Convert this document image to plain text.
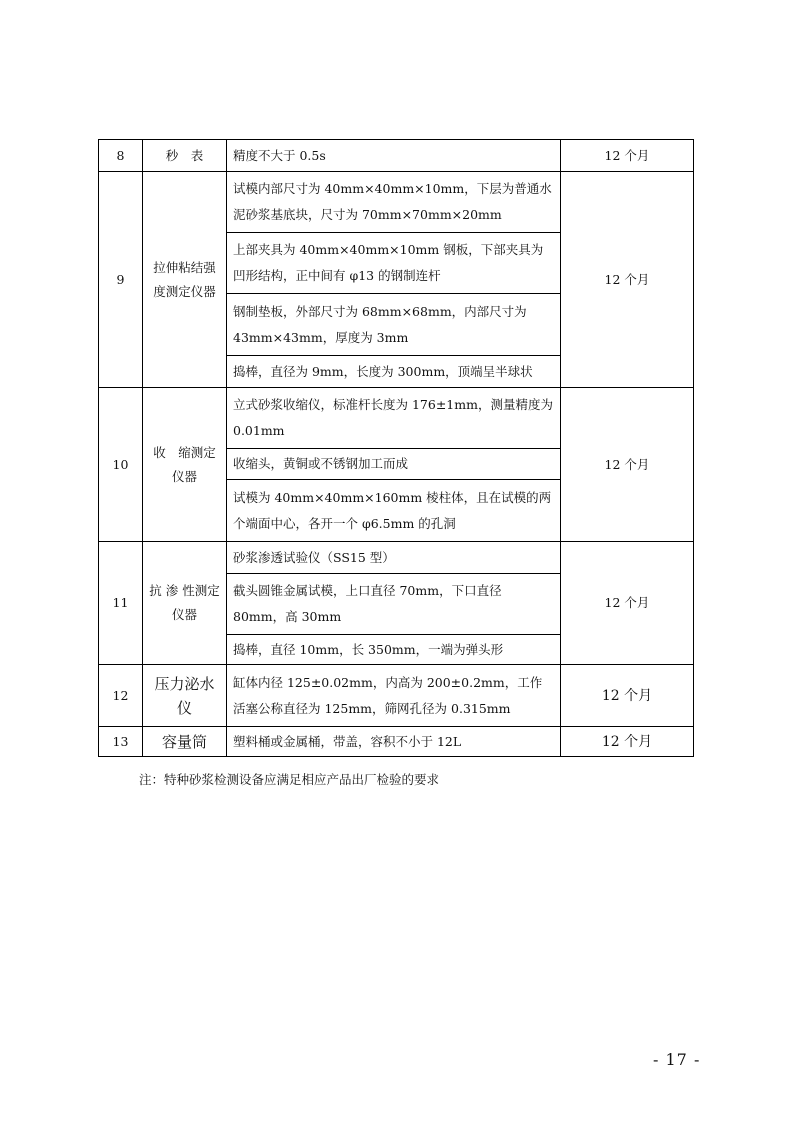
8	秒　表	精度不大于 0.5s	12 个月
9	拉伸粘结强度测定仪器	试模内部尺寸为 40mm×40mm×10mm，下层为普通水泥砂浆基底块，尺寸为 70mm×70mm×20mm	12 个月
		上部夹具为 40mm×40mm×10mm 钢板，下部夹具为凹形结构，正中间有 φ13 的钢制连杆	
		钢制垫板，外部尺寸为 68mm×68mm，内部尺寸为 43mm×43mm，厚度为 3mm	
		捣棒，直径为 9mm，长度为 300mm，顶端呈半球状	
10	收　缩测定仪器	立式砂浆收缩仪，标准杆长度为 176±1mm，测量精度为 0.01mm	12 个月
		收缩头，黄铜或不锈钢加工而成	
		试模为 40mm×40mm×160mm 棱柱体，且在试模的两个端面中心，各开一个 φ6.5mm 的孔洞	
11	抗 渗 性测定仪器	砂浆渗透试验仪（SS15 型）	12 个月
		截头圆锥金属试模，上口直径 70mm，下口直径 80mm，高 30mm	
		捣棒，直径 10mm，长 350mm，一端为弹头形	
12	压力泌水仪	缸体内径 125±0.02mm，内高为 200±0.2mm，工作活塞公称直径为 125mm，筛网孔径为 0.315mm	12 个月
13	容量筒	塑料桶或金属桶，带盖，容积不小于 12L	12 个月
注：特种砂浆检测设备应满足相应产品出厂检验的要求
- 17 -
